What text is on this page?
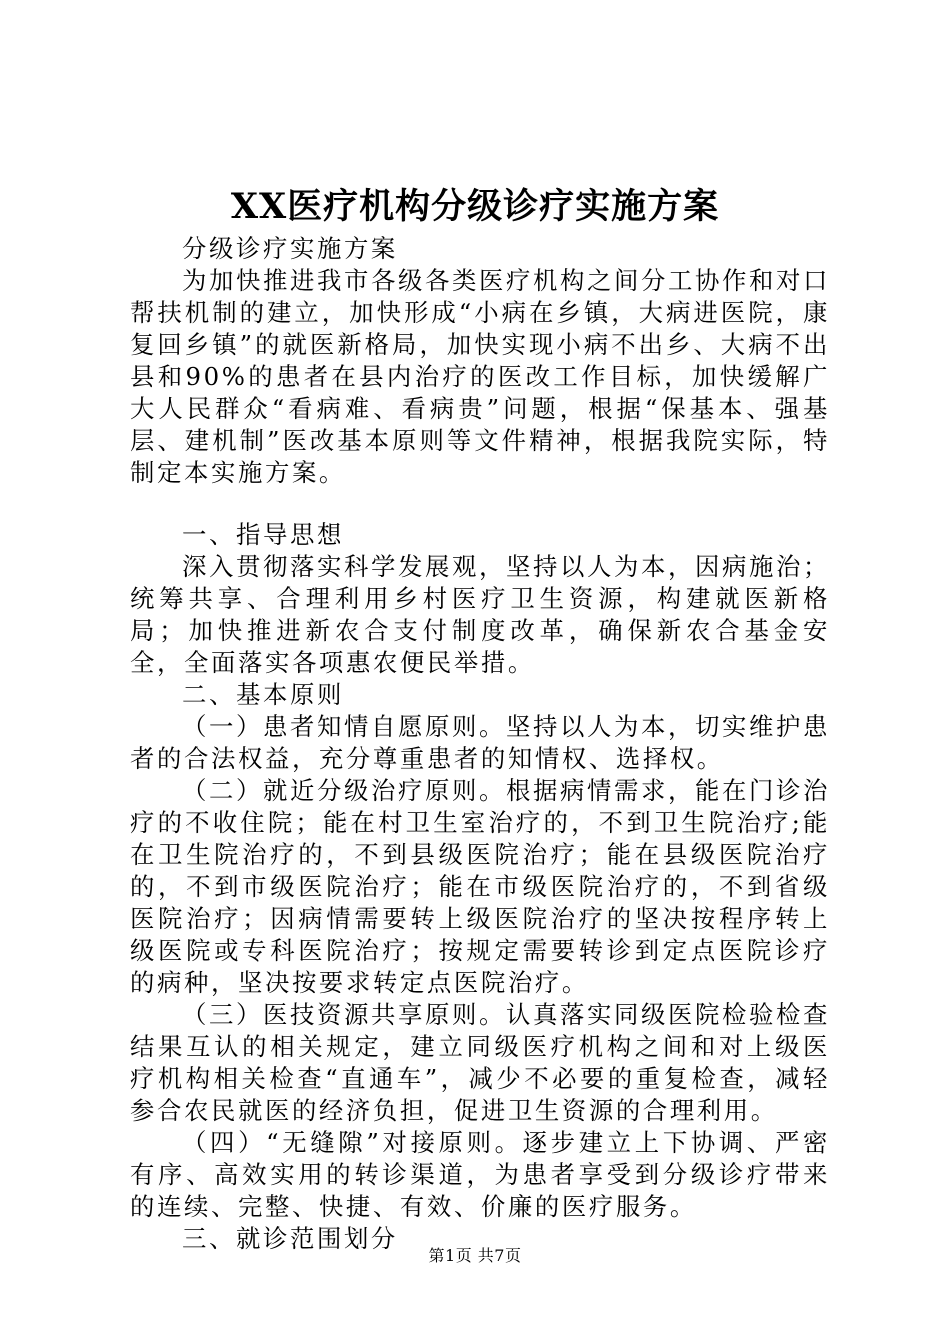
XX医疗机构分级诊疗实施方案

分级诊疗实施方案

为加快推进我市各级各类医疗机构之间分工协作和对口帮扶机制的建立，加快形成“小病在乡镇，大病进医院，康复回乡镇”的就医新格局，加快实现小病不出乡、大病不出县和90%的患者在县内治疗的医改工作目标，加快缓解广大人民群众“看病难、看病贵”问题，根据“保基本、强基层、建机制”医改基本原则等文件精神，根据我院实际，特制定本实施方案。

一、指导思想

深入贯彻落实科学发展观，坚持以人为本，因病施治；统筹共享、合理利用乡村医疗卫生资源，构建就医新格局；加快推进新农合支付制度改革，确保新农合基金安全，全面落实各项惠农便民举措。

二、基本原则

（一）患者知情自愿原则。坚持以人为本，切实维护患者的合法权益，充分尊重患者的知情权、选择权。

（二）就近分级治疗原则。根据病情需求，能在门诊治疗的不收住院；能在村卫生室治疗的，不到卫生院治疗;能在卫生院治疗的，不到县级医院治疗；能在县级医院治疗的，不到市级医院治疗；能在市级医院治疗的，不到省级医院治疗；因病情需要转上级医院治疗的坚决按程序转上级医院或专科医院治疗；按规定需要转诊到定点医院诊疗的病种，坚决按要求转定点医院治疗。

（三）医技资源共享原则。认真落实同级医院检验检查结果互认的相关规定，建立同级医疗机构之间和对上级医疗机构相关检查“直通车”，减少不必要的重复检查，减轻参合农民就医的经济负担，促进卫生资源的合理利用。

（四）“无缝隙”对接原则。逐步建立上下协调、严密有序、高效实用的转诊渠道，为患者享受到分级诊疗带来的连续、完整、快捷、有效、价廉的医疗服务。

三、就诊范围划分

第1页 共7页
